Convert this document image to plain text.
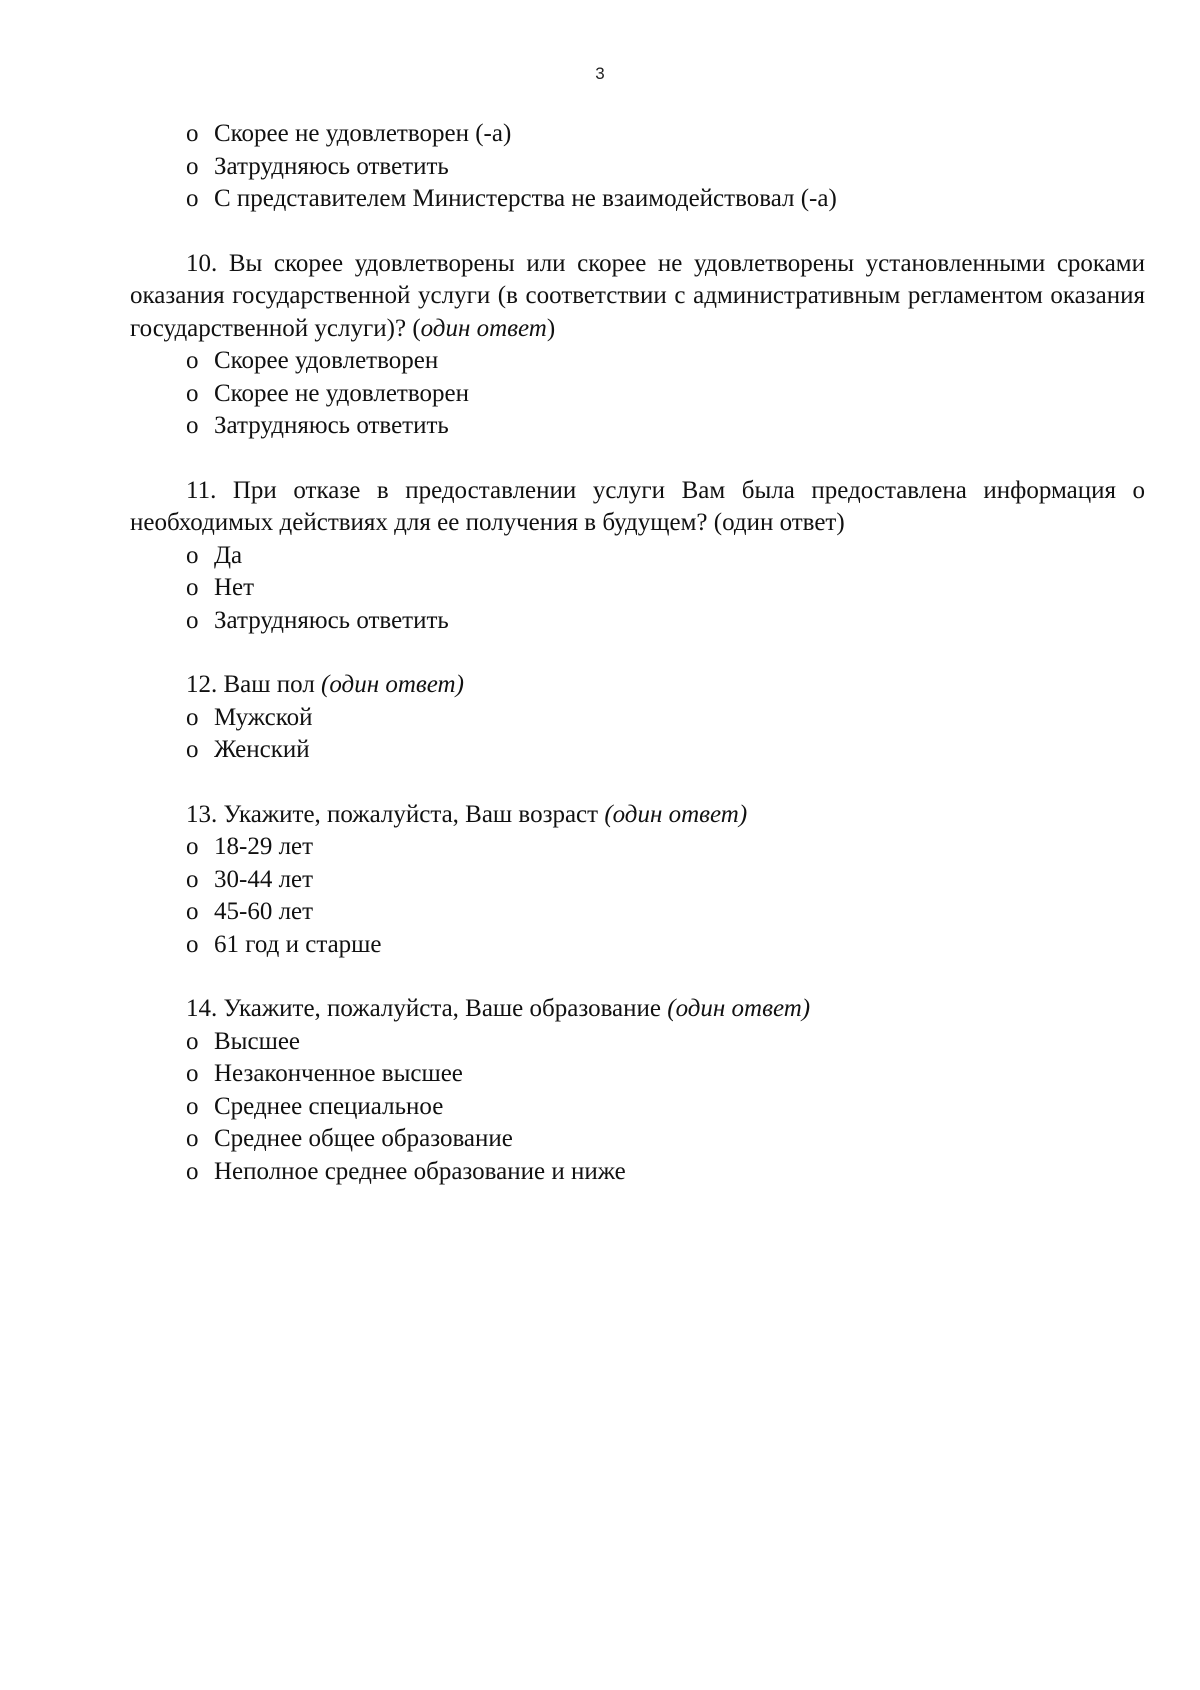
3
o Скорее не удовлетворен (-а)
o Затрудняюсь ответить
o С представителем Министерства не взаимодействовал (-а)
10. Вы скорее удовлетворены или скорее не удовлетворены установленными сроками оказания государственной услуги (в соответствии с административным регламентом оказания государственной услуги)? (один ответ)
o Скорее удовлетворен
o Скорее не удовлетворен
o Затрудняюсь ответить
11. При отказе в предоставлении услуги Вам была предоставлена информация о необходимых действиях для ее получения в будущем? (один ответ)
o Да
o Нет
o Затрудняюсь ответить
12. Ваш пол (один ответ)
o Мужской
o Женский
13. Укажите, пожалуйста, Ваш возраст (один ответ)
o 18-29 лет
o 30-44 лет
o 45-60 лет
o 61 год и старше
14. Укажите, пожалуйста, Ваше образование (один ответ)
o Высшее
o Незаконченное высшее
o Среднее специальное
o Среднее общее образование
o Неполное среднее образование и ниже
